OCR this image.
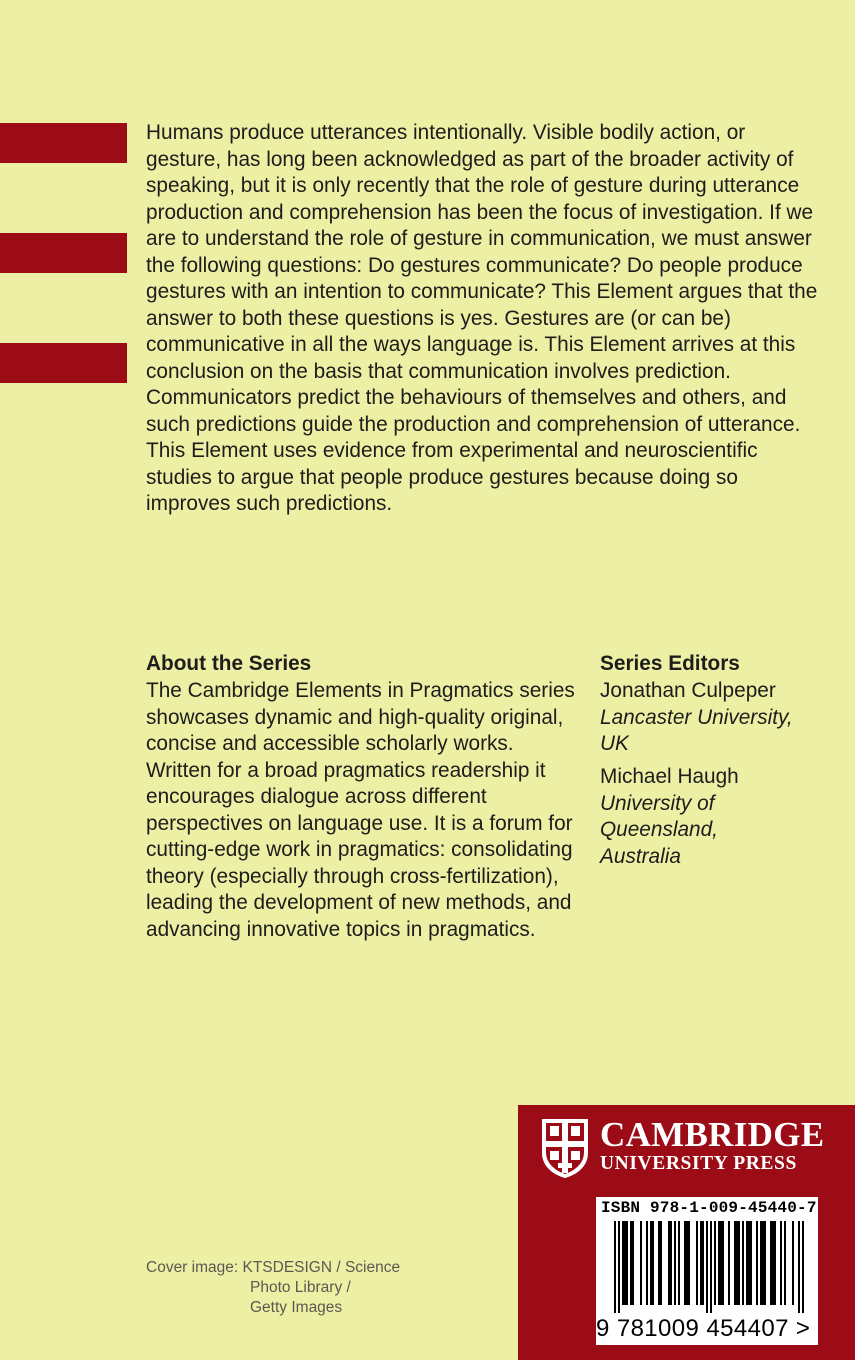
Humans produce utterances intentionally. Visible bodily action, or gesture, has long been acknowledged as part of the broader activity of speaking, but it is only recently that the role of gesture during utterance production and comprehension has been the focus of investigation. If we are to understand the role of gesture in communication, we must answer the following questions: Do gestures communicate? Do people produce gestures with an intention to communicate? This Element argues that the answer to both these questions is yes. Gestures are (or can be) communicative in all the ways language is. This Element arrives at this conclusion on the basis that communication involves prediction. Communicators predict the behaviours of themselves and others, and such predictions guide the production and comprehension of utterance. This Element uses evidence from experimental and neuroscientific studies to argue that people produce gestures because doing so improves such predictions.

About the Series

The Cambridge Elements in Pragmatics series showcases dynamic and high-quality original, concise and accessible scholarly works. Written for a broad pragmatics readership it encourages dialogue across different perspectives on language use. It is a forum for cutting-edge work in pragmatics: consolidating theory (especially through cross-fertilization), leading the development of new methods, and advancing innovative topics in pragmatics.

Series Editors

Jonathan Culpeper
Lancaster University, UK
Michael Haugh
University of Queensland, Australia
Cover image: KTSDESIGN / Science
Photo Library /
Getty Images
CAMBRIDGE
UNIVERSITY PRESS
ISBN 978-1-009-45440-7
9 781009 454407 >
